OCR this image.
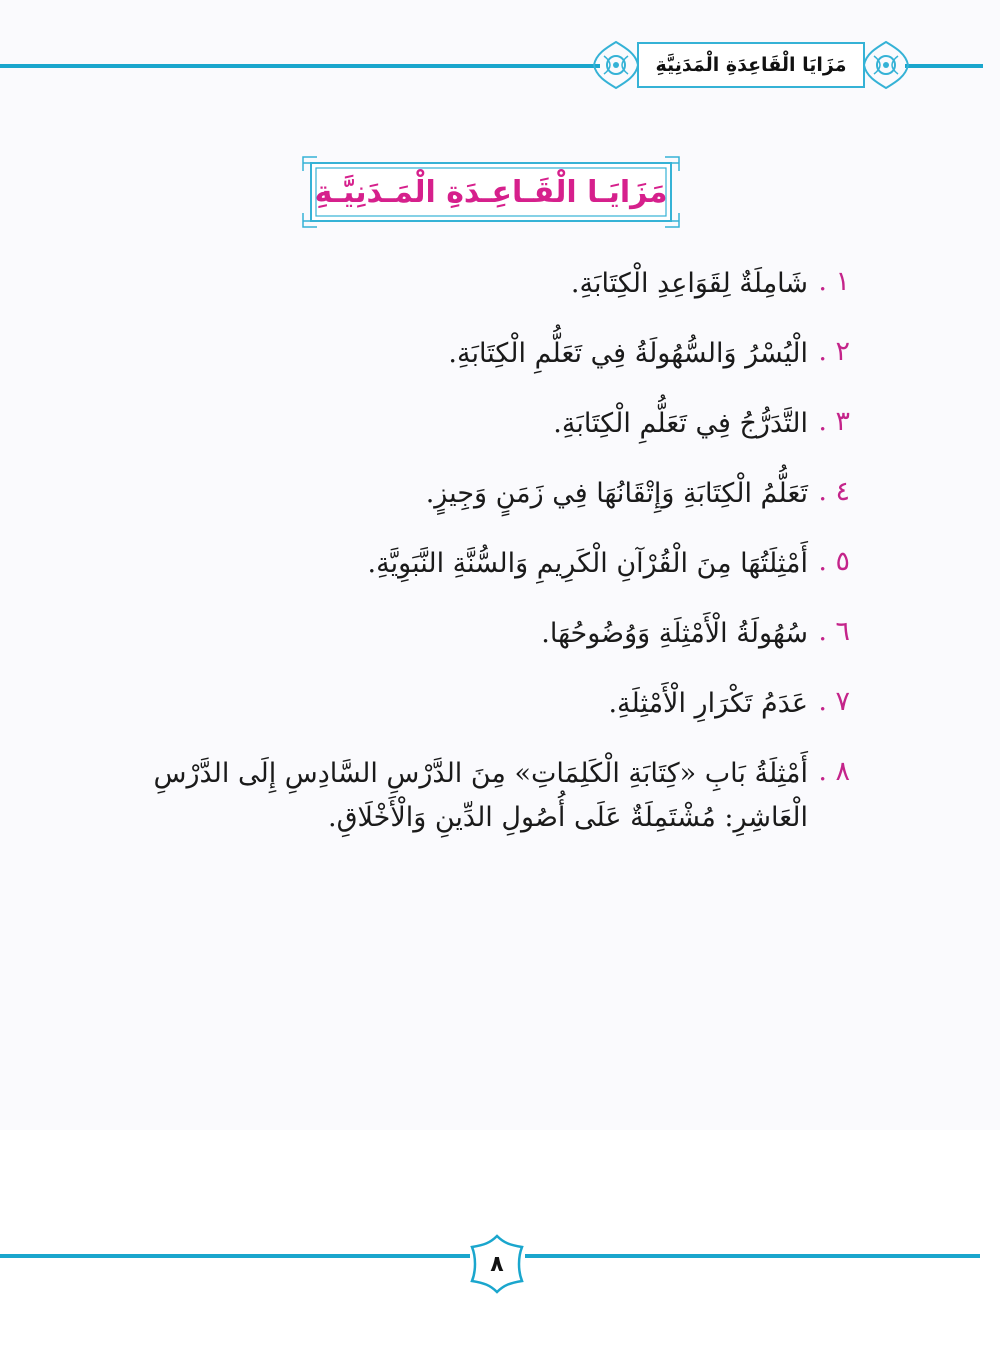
مَزَايَا الْقَاعِدَةِ الْمَدَنِيَّةِ
مَزَايَـا الْقَـاعِـدَةِ الْمَـدَنِيَّـةِ
١ .
شَامِلَةٌ لِقَوَاعِدِ الْكِتَابَةِ.
٢ .
الْيُسْرُ وَالسُّهُولَةُ فِي تَعَلُّمِ الْكِتَابَةِ.
٣ .
التَّدَرُّجُ فِي تَعَلُّمِ الْكِتَابَةِ.
٤ .
تَعَلُّمُ الْكِتَابَةِ وَإِتْقَانُهَا فِي زَمَنٍ وَجِيزٍ.
٥ .
أَمْثِلَتُهَا مِنَ الْقُرْآنِ الْكَرِيمِ وَالسُّنَّةِ النَّبَوِيَّةِ.
٦ .
سُهُولَةُ الْأَمْثِلَةِ وَوُضُوحُهَا.
٧ .
عَدَمُ تَكْرَارِ الْأَمْثِلَةِ.
٨ .
أَمْثِلَةُ بَابِ «كِتَابَةِ الْكَلِمَاتِ» مِنَ الدَّرْسِ السَّادِسِ إِلَى الدَّرْسِ الْعَاشِرِ: مُشْتَمِلَةٌ عَلَى أُصُولِ الدِّينِ وَالْأَخْلَاقِ.
٨
